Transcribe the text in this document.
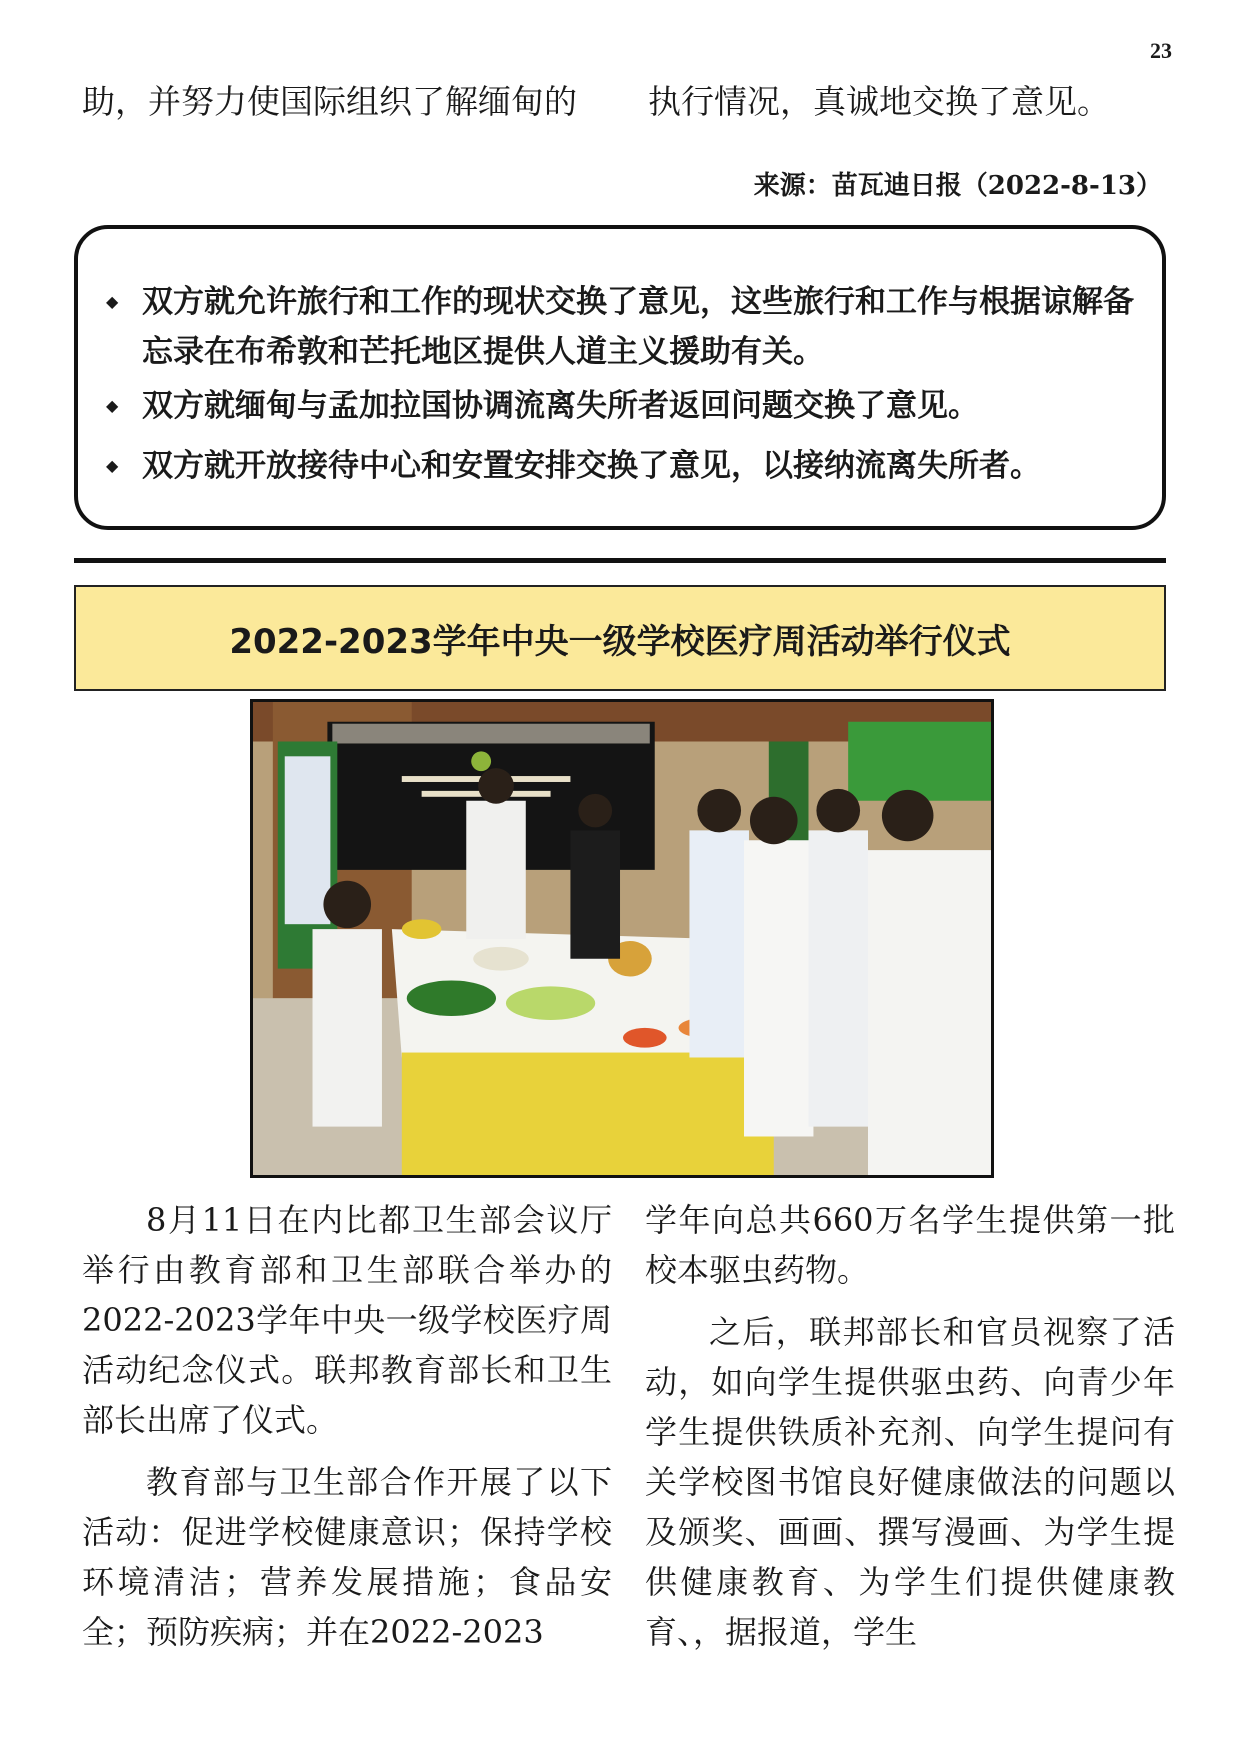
23
助，并努力使国际组织了解缅甸的 执行情况，真诚地交换了意见。
来源：苗瓦迪日报（2022-8-13）
◆ 双方就允许旅行和工作的现状交换了意见，这些旅行和工作与根据谅解备忘录在布希敦和芒托地区提供人道主义援助有关。
◆ 双方就缅甸与孟加拉国协调流离失所者返回问题交换了意见。
◆ 双方就开放接待中心和安置安排交换了意见，以接纳流离失所者。
2022-2023学年中央一级学校医疗周活动举行仪式

8月11日在内比都卫生部会议厅举行由教育部和卫生部联合举办的2022-2023学年中央一级学校医疗周活动纪念仪式。联邦教育部长和卫生部长出席了仪式。

教育部与卫生部合作开展了以下活动：促进学校健康意识；保持学校环境清洁；营养发展措施；食品安全；预防疾病；并在2022-2023

学年向总共660万名学生提供第一批校本驱虫药物。

之后，联邦部长和官员视察了活动，如向学生提供驱虫药、向青少年学生提供铁质补充剂、向学生提问有关学校图书馆良好健康做法的问题以及颁奖、画画、撰写漫画、为学生提供健康教育、为学生们提供健康教育、，据报道，学生
